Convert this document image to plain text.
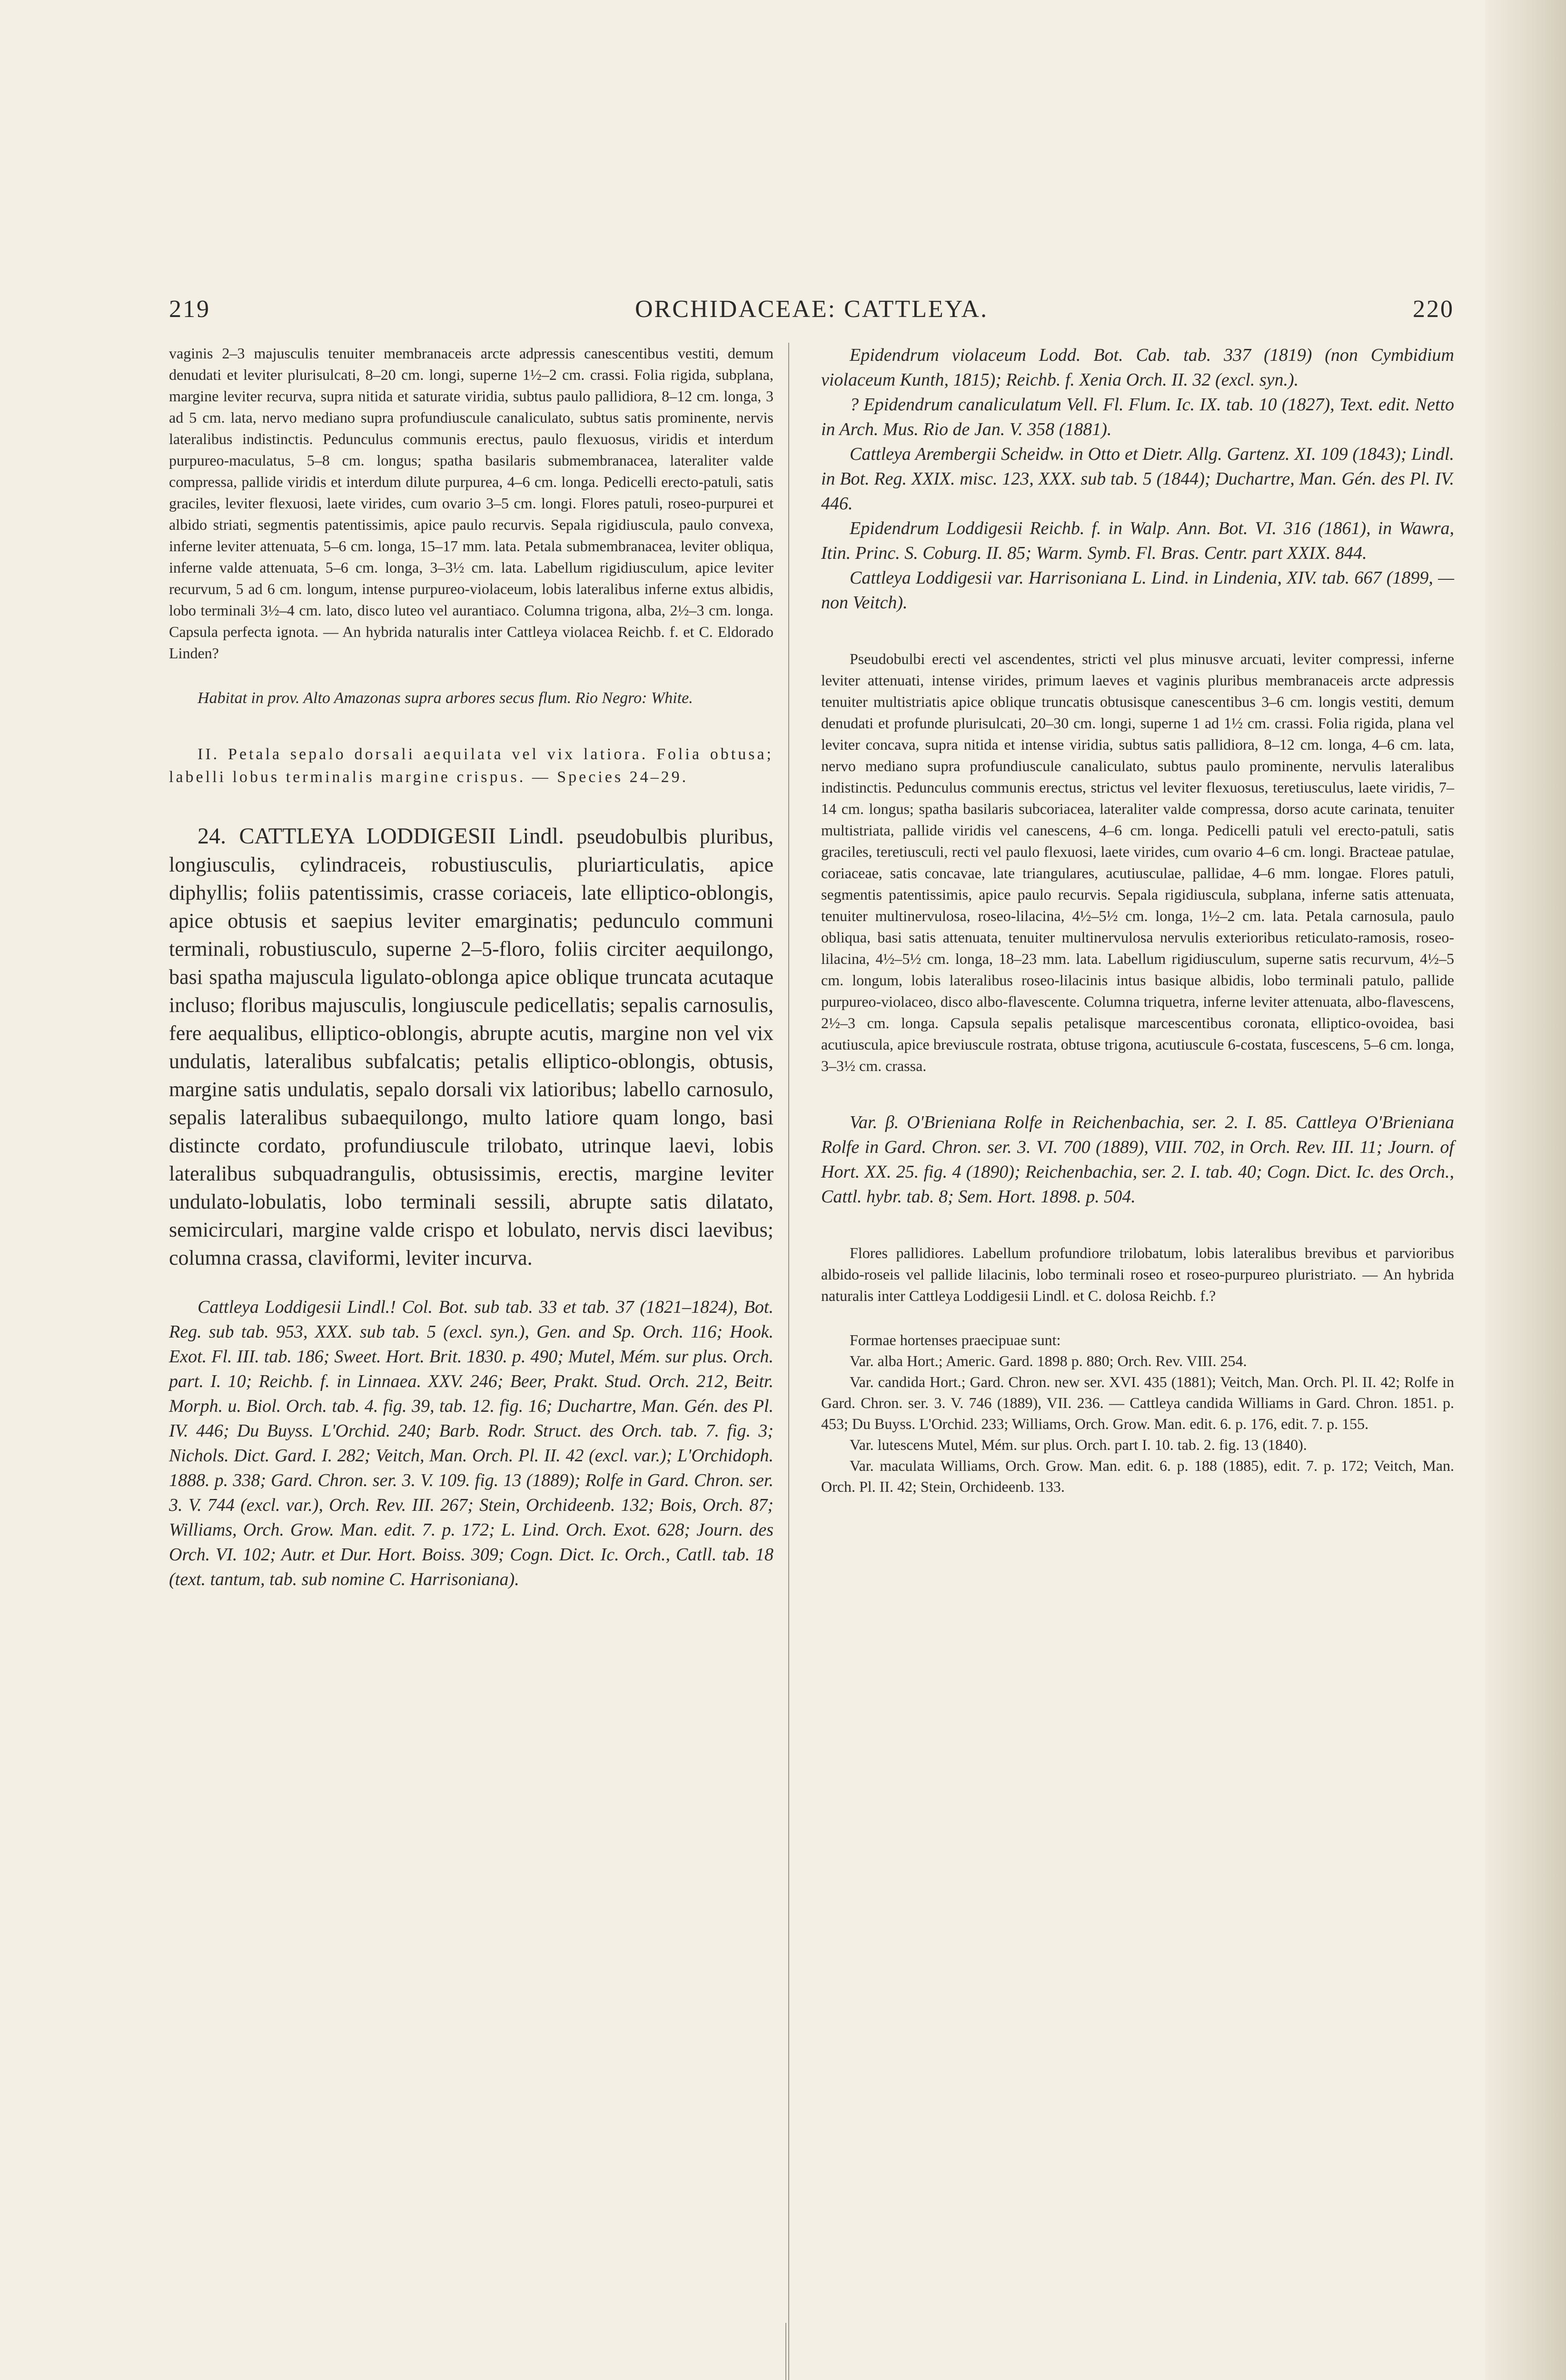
219	ORCHIDACEAE: CATTLEYA.	220

vaginis 2–3 majusculis tenuiter membranaceis arcte adpressis canescentibus vestiti, demum denudati et leviter plurisulcati, 8–20 cm. longi, superne 1½–2 cm. crassi. Folia rigida, subplana, margine leviter recurva, supra nitida et saturate viridia, subtus paulo pallidiora, 8–12 cm. longa, 3 ad 5 cm. lata, nervo mediano supra profundiuscule canaliculato, subtus satis prominente, nervis lateralibus indistinctis. Pedunculus communis erectus, paulo flexuosus, viridis et interdum purpureo-maculatus, 5–8 cm. longus; spatha basilaris submembranacea, lateraliter valde compressa, pallide viridis et interdum dilute purpurea, 4–6 cm. longa. Pedicelli erecto-patuli, satis graciles, leviter flexuosi, laete virides, cum ovario 3–5 cm. longi. Flores patuli, roseo-purpurei et albido striati, segmentis patentissimis, apice paulo recurvis. Sepala rigidiuscula, paulo convexa, inferne leviter attenuata, 5–6 cm. longa, 15–17 mm. lata. Petala submembranacea, leviter obliqua, inferne valde attenuata, 5–6 cm. longa, 3–3½ cm. lata. Labellum rigidiusculum, apice leviter recurvum, 5 ad 6 cm. longum, intense purpureo-violaceum, lobis lateralibus inferne extus albidis, lobo terminali 3½–4 cm. lato, disco luteo vel aurantiaco. Columna trigona, alba, 2½–3 cm. longa. Capsula perfecta ignota. — An hybrida naturalis inter Cattleya violacea Reichb. f. et C. Eldorado Linden?

Habitat in prov. Alto Amazonas supra arbores secus flum. Rio Negro: White.

II. Petala sepalo dorsali aequilata vel vix latiora. Folia obtusa; labelli lobus terminalis margine crispus. — Species 24–29.

24. CATTLEYA LODDIGESII Lindl. pseudobulbis pluribus, longiusculis, cylindraceis, robustiusculis, pluriarticulatis, apice diphyllis; foliis patentissimis, crasse coriaceis, late elliptico-oblongis, apice obtusis et saepius leviter emarginatis; pedunculo communi terminali, robustiusculo, superne 2–5-floro, foliis circiter aequilongo, basi spatha majuscula ligulato-oblonga apice oblique truncata acutaque incluso; floribus majusculis, longiuscule pedicellatis; sepalis carnosulis, fere aequalibus, elliptico-oblongis, abrupte acutis, margine non vel vix undulatis, lateralibus subfalcatis; petalis elliptico-oblongis, obtusis, margine satis undulatis, sepalo dorsali vix latioribus; labello carnosulo, sepalis lateralibus subaequilongo, multo latiore quam longo, basi distincte cordato, profundiuscule trilobato, utrinque laevi, lobis lateralibus subquadrangulis, obtusissimis, erectis, margine leviter undulato-lobulatis, lobo terminali sessili, abrupte satis dilatato, semicirculari, margine valde crispo et lobulato, nervis disci laevibus; columna crassa, claviformi, leviter incurva.

Cattleya Loddigesii Lindl.! Col. Bot. sub tab. 33 et tab. 37 (1821–1824), Bot. Reg. sub tab. 953, XXX. sub tab. 5 (excl. syn.), Gen. and Sp. Orch. 116; Hook. Exot. Fl. III. tab. 186; Sweet. Hort. Brit. 1830. p. 490; Mutel, Mém. sur plus. Orch. part. I. 10; Reichb. f. in Linnaea. XXV. 246; Beer, Prakt. Stud. Orch. 212, Beitr. Morph. u. Biol. Orch. tab. 4. fig. 39, tab. 12. fig. 16; Duchartre, Man. Gén. des Pl. IV. 446; Du Buyss. L'Orchid. 240; Barb. Rodr. Struct. des Orch. tab. 7. fig. 3; Nichols. Dict. Gard. I. 282; Veitch, Man. Orch. Pl. II. 42 (excl. var.); L'Orchidoph. 1888. p. 338; Gard. Chron. ser. 3. V. 109. fig. 13 (1889); Rolfe in Gard. Chron. ser. 3. V. 744 (excl. var.), Orch. Rev. III. 267; Stein, Orchideenb. 132; Bois, Orch. 87; Williams, Orch. Grow. Man. edit. 7. p. 172; L. Lind. Orch. Exot. 628; Journ. des Orch. VI. 102; Autr. et Dur. Hort. Boiss. 309; Cogn. Dict. Ic. Orch., Catll. tab. 18 (text. tantum, tab. sub nomine C. Harrisoniana).

Epidendrum violaceum Lodd. Bot. Cab. tab. 337 (1819) (non Cymbidium violaceum Kunth, 1815); Reichb. f. Xenia Orch. II. 32 (excl. syn.).

? Epidendrum canaliculatum Vell. Fl. Flum. Ic. IX. tab. 10 (1827), Text. edit. Netto in Arch. Mus. Rio de Jan. V. 358 (1881).

Cattleya Arembergii Scheidw. in Otto et Dietr. Allg. Gartenz. XI. 109 (1843); Lindl. in Bot. Reg. XXIX. misc. 123, XXX. sub tab. 5 (1844); Duchartre, Man. Gén. des Pl. IV. 446.

Epidendrum Loddigesii Reichb. f. in Walp. Ann. Bot. VI. 316 (1861), in Wawra, Itin. Princ. S. Coburg. II. 85; Warm. Symb. Fl. Bras. Centr. part XXIX. 844.

Cattleya Loddigesii var. Harrisoniana L. Lind. in Lindenia, XIV. tab. 667 (1899, — non Veitch).

Pseudobulbi erecti vel ascendentes, stricti vel plus minusve arcuati, leviter compressi, inferne leviter attenuati, intense virides, primum laeves et vaginis pluribus membranaceis arcte adpressis tenuiter multistriatis apice oblique truncatis obtusisque canescentibus 3–6 cm. longis vestiti, demum denudati et profunde plurisulcati, 20–30 cm. longi, superne 1 ad 1½ cm. crassi. Folia rigida, plana vel leviter concava, supra nitida et intense viridia, subtus satis pallidiora, 8–12 cm. longa, 4–6 cm. lata, nervo mediano supra profundiuscule canaliculato, subtus paulo prominente, nervulis lateralibus indistinctis. Pedunculus communis erectus, strictus vel leviter flexuosus, teretiusculus, laete viridis, 7–14 cm. longus; spatha basilaris subcoriacea, lateraliter valde compressa, dorso acute carinata, tenuiter multistriata, pallide viridis vel canescens, 4–6 cm. longa. Pedicelli patuli vel erecto-patuli, satis graciles, teretiusculi, recti vel paulo flexuosi, laete virides, cum ovario 4–6 cm. longi. Bracteae patulae, coriaceae, satis concavae, late triangulares, acutiusculae, pallidae, 4–6 mm. longae. Flores patuli, segmentis patentissimis, apice paulo recurvis. Sepala rigidiuscula, subplana, inferne satis attenuata, tenuiter multinervulosa, roseo-lilacina, 4½–5½ cm. longa, 1½–2 cm. lata. Petala carnosula, paulo obliqua, basi satis attenuata, tenuiter multinervulosa nervulis exterioribus reticulato-ramosis, roseo-lilacina, 4½–5½ cm. longa, 18–23 mm. lata. Labellum rigidiusculum, superne satis recurvum, 4½–5 cm. longum, lobis lateralibus roseo-lilacinis intus basique albidis, lobo terminali patulo, pallide purpureo-violaceo, disco albo-flavescente. Columna triquetra, inferne leviter attenuata, albo-flavescens, 2½–3 cm. longa. Capsula sepalis petalisque marcescentibus coronata, elliptico-ovoidea, basi acutiuscula, apice breviuscule rostrata, obtuse trigona, acutiuscule 6-costata, fuscescens, 5–6 cm. longa, 3–3½ cm. crassa.

Var. β. O'Brieniana Rolfe in Reichenbachia, ser. 2. I. 85. Cattleya O'Brieniana Rolfe in Gard. Chron. ser. 3. VI. 700 (1889), VIII. 702, in Orch. Rev. III. 11; Journ. of Hort. XX. 25. fig. 4 (1890); Reichenbachia, ser. 2. I. tab. 40; Cogn. Dict. Ic. des Orch., Cattl. hybr. tab. 8; Sem. Hort. 1898. p. 504.

Flores pallidiores. Labellum profundiore trilobatum, lobis lateralibus brevibus et parvioribus albido-roseis vel pallide lilacinis, lobo terminali roseo et roseo-purpureo pluristriato. — An hybrida naturalis inter Cattleya Loddigesii Lindl. et C. dolosa Reichb. f.?

Formae hortenses praecipuae sunt:

Var. alba Hort.; Americ. Gard. 1898 p. 880; Orch. Rev. VIII. 254.

Var. candida Hort.; Gard. Chron. new ser. XVI. 435 (1881); Veitch, Man. Orch. Pl. II. 42; Rolfe in Gard. Chron. ser. 3. V. 746 (1889), VII. 236. — Cattleya candida Williams in Gard. Chron. 1851. p. 453; Du Buyss. L'Orchid. 233; Williams, Orch. Grow. Man. edit. 6. p. 176, edit. 7. p. 155.

Var. lutescens Mutel, Mém. sur plus. Orch. part I. 10. tab. 2. fig. 13 (1840).

Var. maculata Williams, Orch. Grow. Man. edit. 6. p. 188 (1885), edit. 7. p. 172; Veitch, Man. Orch. Pl. II. 42; Stein, Orchideenb. 133.
